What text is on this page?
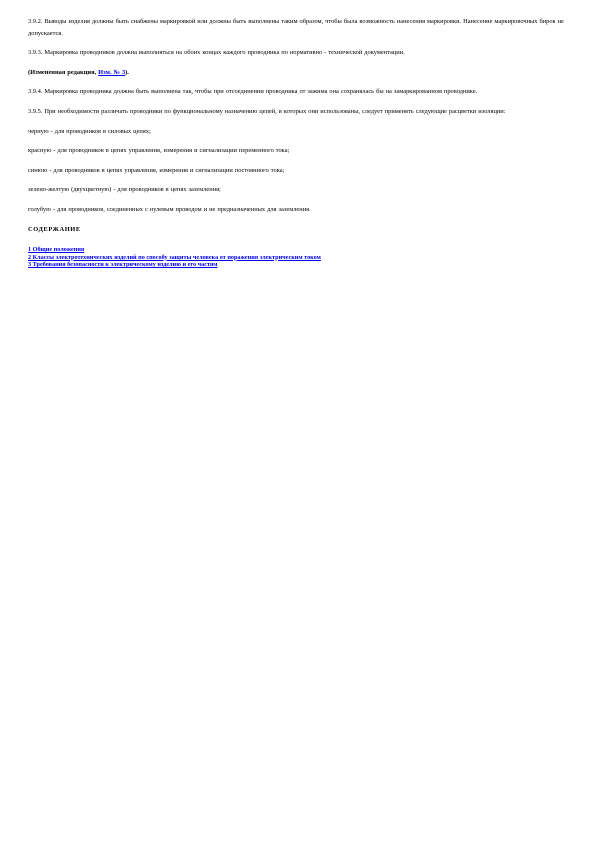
3.9.2. Выводы изделия должны быть снабжены маркировкой или должны быть выполнены таким образом, чтобы была возможность нанесения маркировки. Нанесение маркировочных бирок не допускается.

3.9.3. Маркировка проводников должна выполняться на обоих концах каждого проводника по нормативно - технической документации.

(Измененная редакция, Изм. № 3).

3.9.4. Маркировка проводника должна быть выполнена так, чтобы при отсоединении проводника от зажима она сохранялась бы на замаркированном проводнике.

3.9.5. При необходимости различать проводники по функциональному назначению цепей, в которых они использованы, следует применять следующие расцветки изоляции:

черную - для проводников в силовых цепях;

красную - для проводников в цепях управления, измерения и сигнализации переменного тока;

синюю - для проводников в цепях управления, измерения и сигнализации постоянного тока;

зелено-желтую (двухцветную) - для проводников в цепях заземления;

голубую - для проводников, соединенных с нулевым проводом и не предназначенных для заземления.

СОДЕРЖАНИЕ
1 Общие положения
2 Классы электротехнических изделий по способу защиты человека от поражения электрическим током
3 Требования безопасности к электрическому изделию и его частям
